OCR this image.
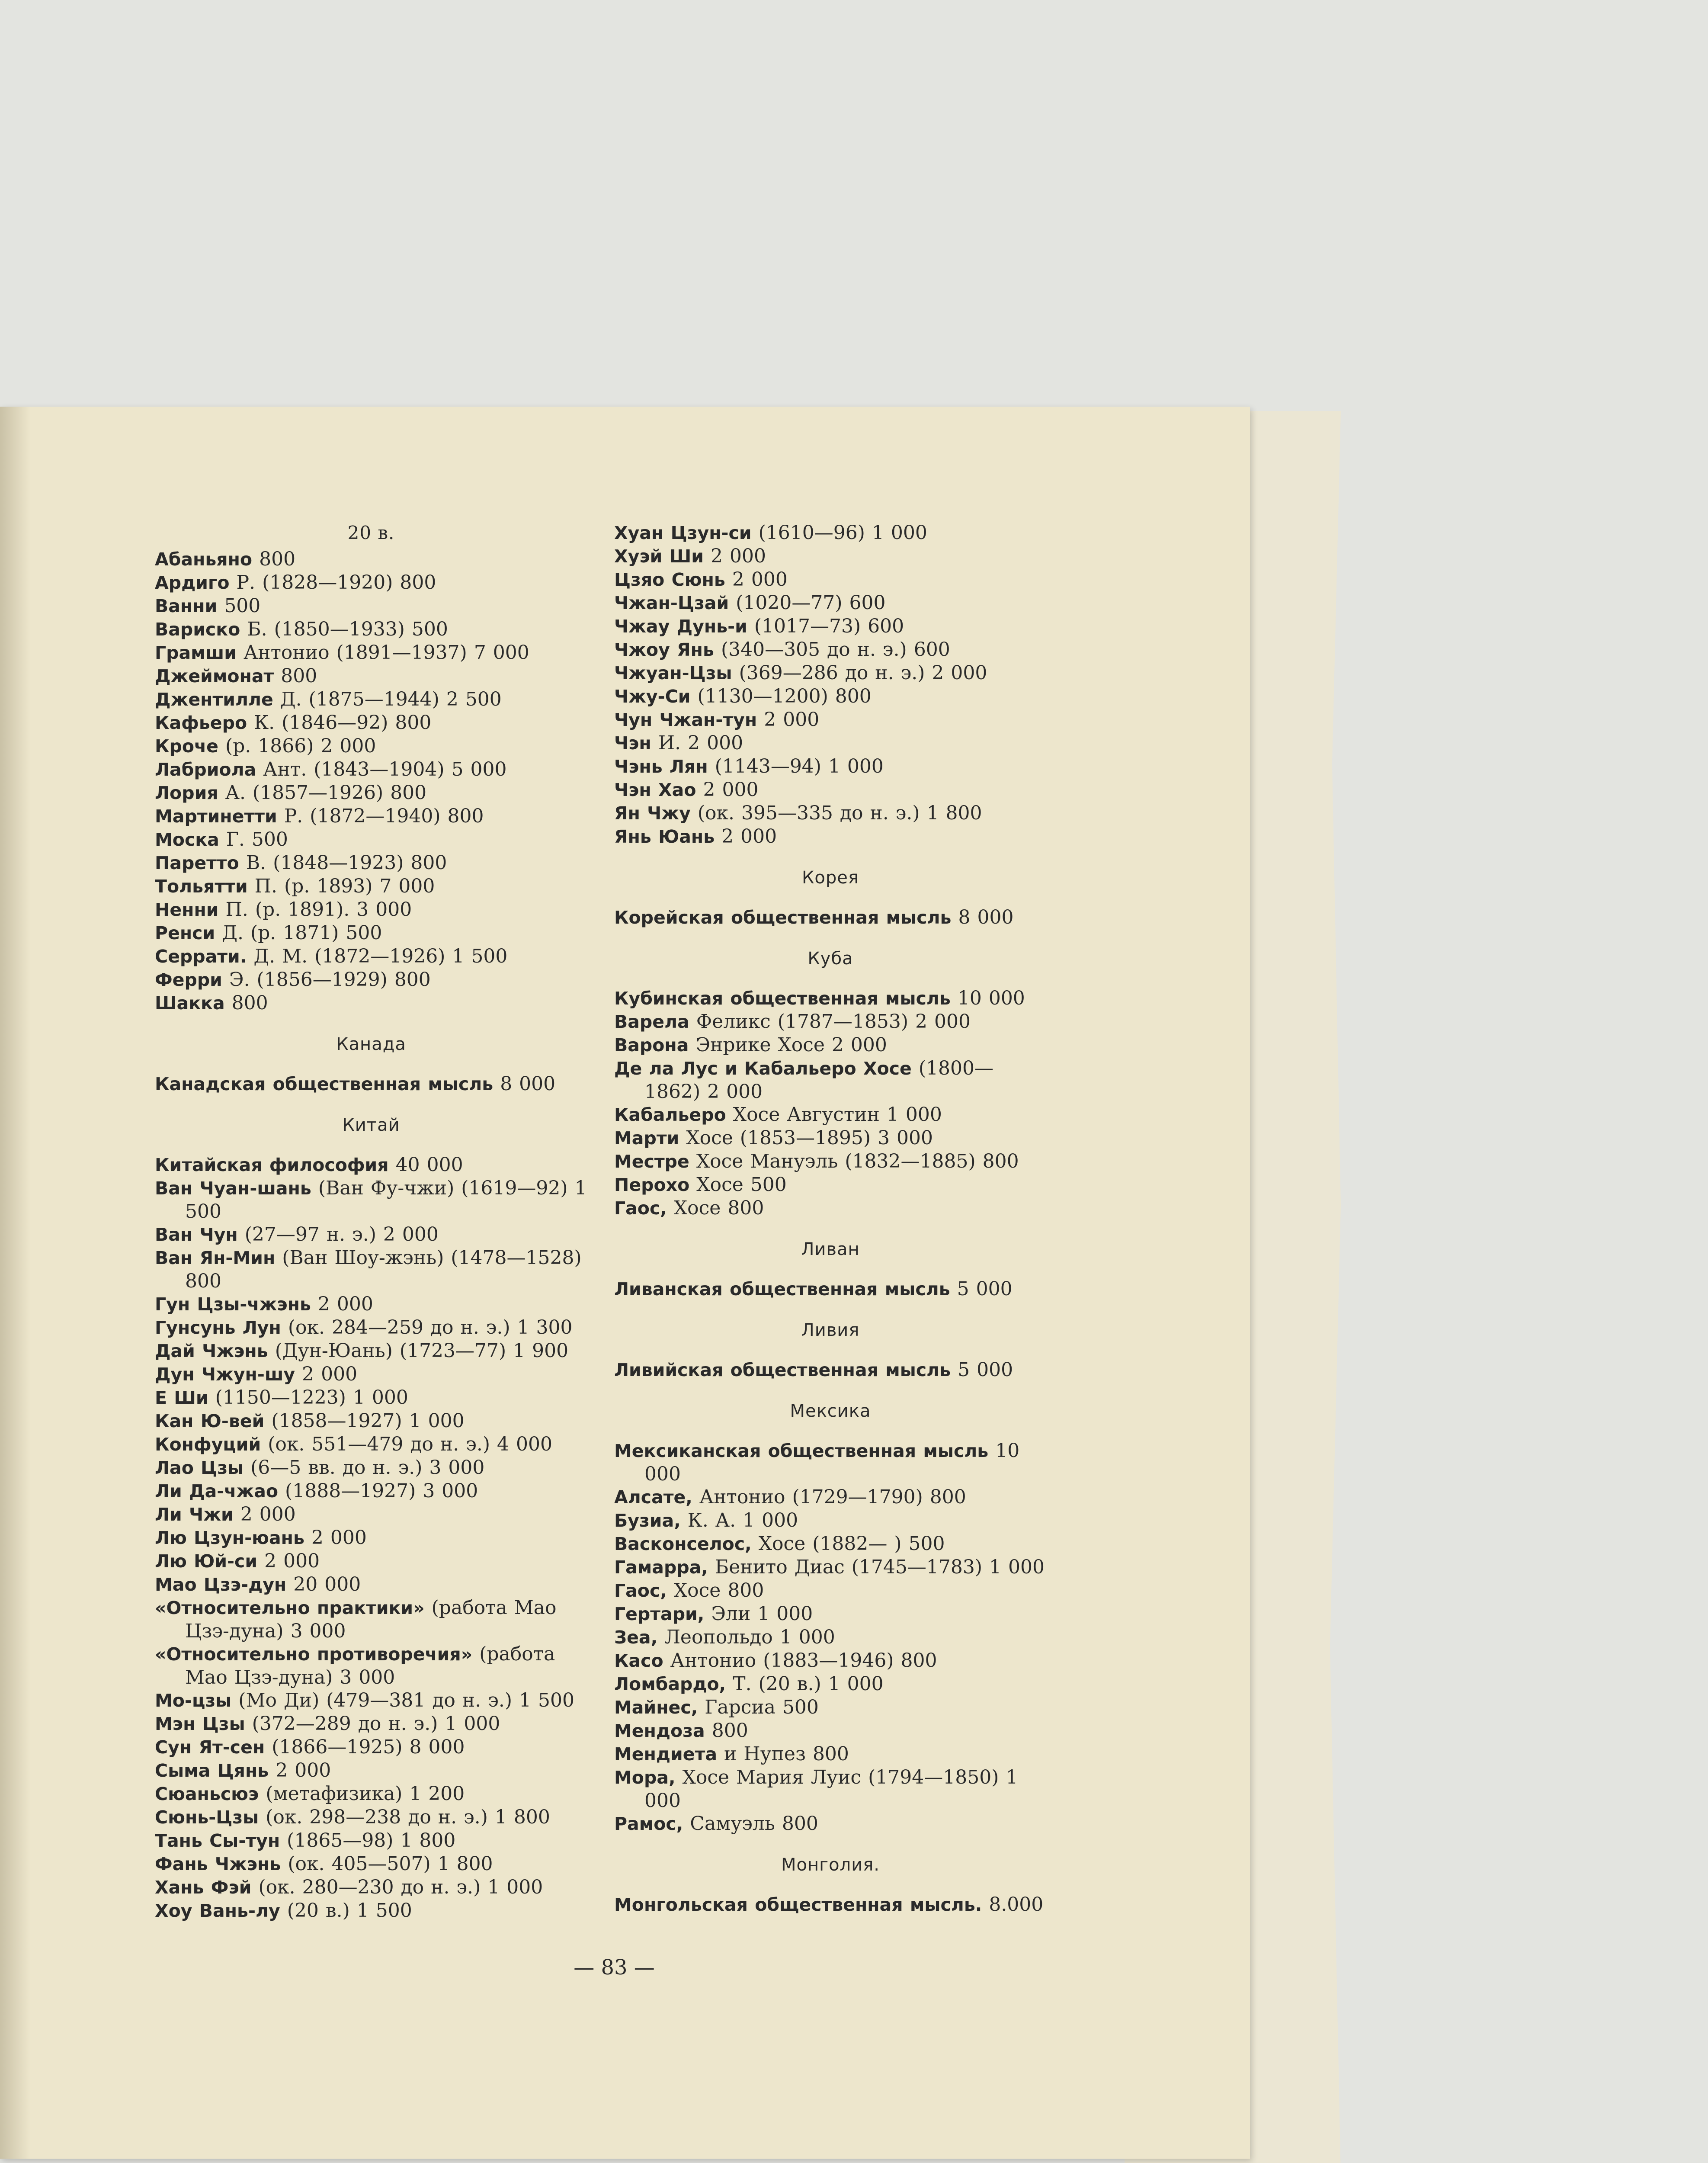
20 в.
Абаньяно 800
Ардиго Р. (1828—1920) 800
Ванни 500
Вариско Б. (1850—1933) 500
Грамши Антонио (1891—1937) 7 000
Джеймонат 800
Джентилле Д. (1875—1944) 2 500
Кафьеро К. (1846—92) 800
Кроче (р. 1866) 2 000
Лабриола Ант. (1843—1904) 5 000
Лория А. (1857—1926) 800
Мартинетти Р. (1872—1940) 800
Моска Г. 500
Паретто В. (1848—1923) 800
Тольятти П. (р. 1893) 7 000
Ненни П. (р. 1891). 3 000
Ренси Д. (р. 1871) 500
Серрати. Д. М. (1872—1926) 1 500
Ферри Э. (1856—1929) 800
Шакка 800
Канада
Канадская общественная мысль 8 000
Китай
Китайская философия 40 000
Ван Чуан-шань (Ван Фу-чжи) (1619—92) 1 500
Ван Чун (27—97 н. э.) 2 000
Ван Ян-Мин (Ван Шоу-жэнь) (1478—1528) 800
Гун Цзы-чжэнь 2 000
Гунсунь Лун (ок. 284—259 до н. э.) 1 300
Дай Чжэнь (Дун-Юань) (1723—77) 1 900
Дун Чжун-шу 2 000
Е Ши (1150—1223) 1 000
Кан Ю-вей (1858—1927) 1 000
Конфуций (ок. 551—479 до н. э.) 4 000
Лао Цзы (6—5 вв. до н. э.) 3 000
Ли Да-чжао (1888—1927) 3 000
Ли Чжи 2 000
Лю Цзун-юань 2 000
Лю Юй-си 2 000
Мао Цзэ-дун 20 000
«Относительно практики» (работа Мао Цзэ-дуна) 3 000
«Относительно противоречия» (работа Мао Цзэ-дуна) 3 000
Мо-цзы (Мо Ди) (479—381 до н. э.) 1 500
Мэн Цзы (372—289 до н. э.) 1 000
Сун Ят-сен (1866—1925) 8 000
Сыма Цянь 2 000
Сюаньсюэ (метафизика) 1 200
Сюнь-Цзы (ок. 298—238 до н. э.) 1 800
Тань Сы-тун (1865—98) 1 800
Фань Чжэнь (ок. 405—507) 1 800
Хань Фэй (ок. 280—230 до н. э.) 1 000
Хоу Вань-лу (20 в.) 1 500
Хуан Цзун-си (1610—96) 1 000
Хуэй Ши 2 000
Цзяо Сюнь 2 000
Чжан-Цзай (1020—77) 600
Чжау Дунь-и (1017—73) 600
Чжоу Янь (340—305 до н. э.) 600
Чжуан-Цзы (369—286 до н. э.) 2 000
Чжу-Си (1130—1200) 800
Чун Чжан-тун 2 000
Чэн И. 2 000
Чэнь Лян (1143—94) 1 000
Чэн Хао 2 000
Ян Чжу (ок. 395—335 до н. э.) 1 800
Янь Юань 2 000
Корея
Корейская общественная мысль 8 000
Куба
Кубинская общественная мысль 10 000
Варела Феликс (1787—1853) 2 000
Варона Энрике Хосе 2 000
Де ла Лус и Кабальеро Хосе (1800—1862) 2 000
Кабальеро Хосе Августин 1 000
Марти Хосе (1853—1895) 3 000
Местре Хосе Мануэль (1832—1885) 800
Перохо Хосе 500
Гаос, Хосе 800
Ливан
Ливанская общественная мысль 5 000
Ливия
Ливийская общественная мысль 5 000
Мексика
Мексиканская общественная мысль 10 000
Алсате, Антонио (1729—1790) 800
Бузиа, К. А. 1 000
Васконселос, Хосе (1882— ) 500
Гамарра, Бенито Диас (1745—1783) 1 000
Гаос, Хосе 800
Гертари, Эли 1 000
Зеа, Леопольдо 1 000
Касо Антонио (1883—1946) 800
Ломбардо, Т. (20 в.) 1 000
Майнес, Гарсиа 500
Мендоза 800
Мендиета и Нупез 800
Мора, Хосе Мария Луис (1794—1850) 1 000
Рамос, Самуэль 800
Монголия.
Монгольская общественная мысль. 8.000
— 83 —
